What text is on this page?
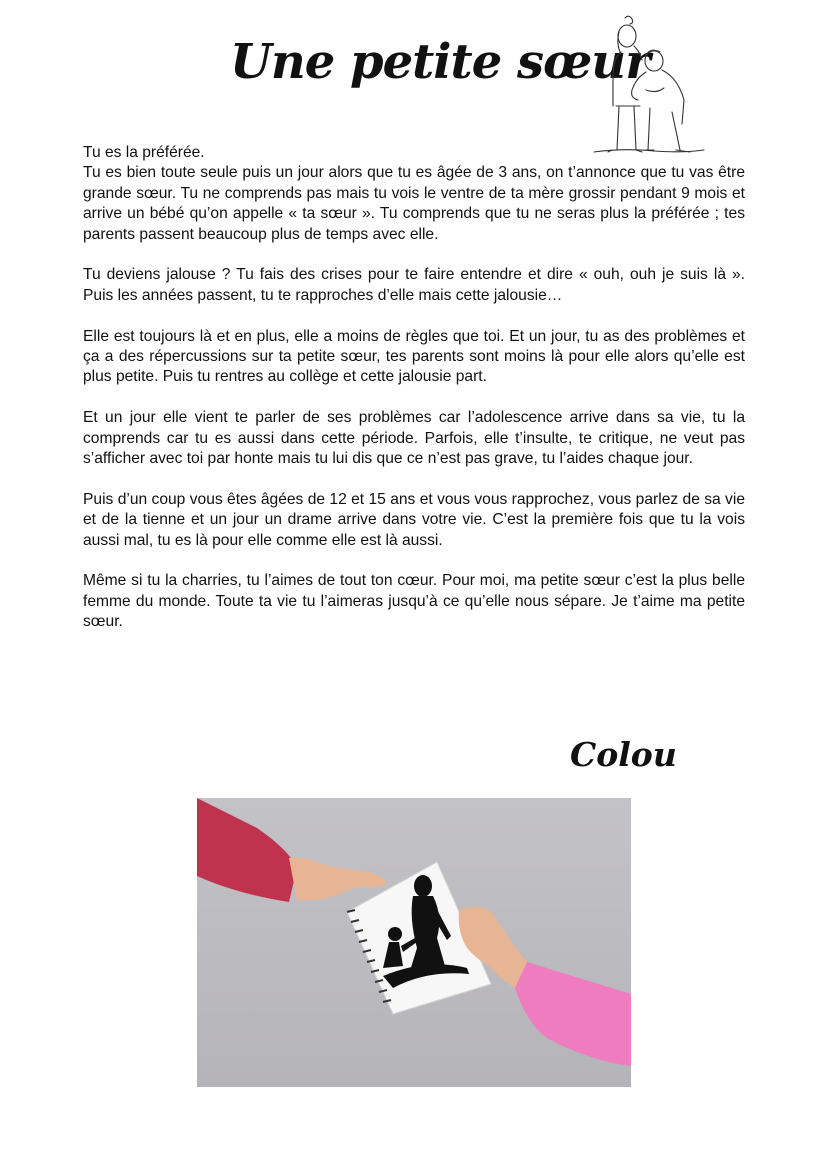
Une petite sœur

Tu es la préférée.
Tu es bien toute seule puis un jour alors que tu es âgée de 3 ans, on t’annonce que tu vas être grande sœur. Tu ne comprends pas mais tu vois le ventre de ta mère grossir pendant 9 mois et arrive un bébé qu’on appelle « ta sœur ». Tu comprends que tu ne seras plus la préférée ; tes parents passent beaucoup plus de temps avec elle.

Tu deviens jalouse ? Tu fais des crises pour te faire entendre et dire « ouh, ouh je suis là ». Puis les années passent, tu te rapproches d’elle mais cette jalousie…

Elle est toujours là et en plus, elle a moins de règles que toi. Et un jour, tu as des problèmes et ça a des répercussions sur ta petite sœur, tes parents sont moins là pour elle alors qu’elle est plus petite. Puis tu rentres au collège et cette jalousie part.

Et un jour elle vient te parler de ses problèmes car l’adolescence arrive dans sa vie, tu la comprends car tu es aussi dans cette période. Parfois, elle t’insulte, te critique, ne veut pas s’afficher avec toi par honte mais tu lui dis que ce n’est pas grave, tu l’aides chaque jour.

Puis d’un coup vous êtes âgées de 12 et 15 ans et vous vous rapprochez, vous parlez de sa vie et de la tienne et un jour un drame arrive dans votre vie. C’est la première fois que tu la vois aussi mal, tu es là pour elle comme elle est là aussi.

Même si tu la charries, tu l’aimes de tout ton cœur. Pour moi, ma petite sœur c’est la plus belle femme du monde. Toute ta vie tu l’aimeras jusqu’à ce qu’elle nous sépare. Je t’aime ma petite sœur.

Colou
